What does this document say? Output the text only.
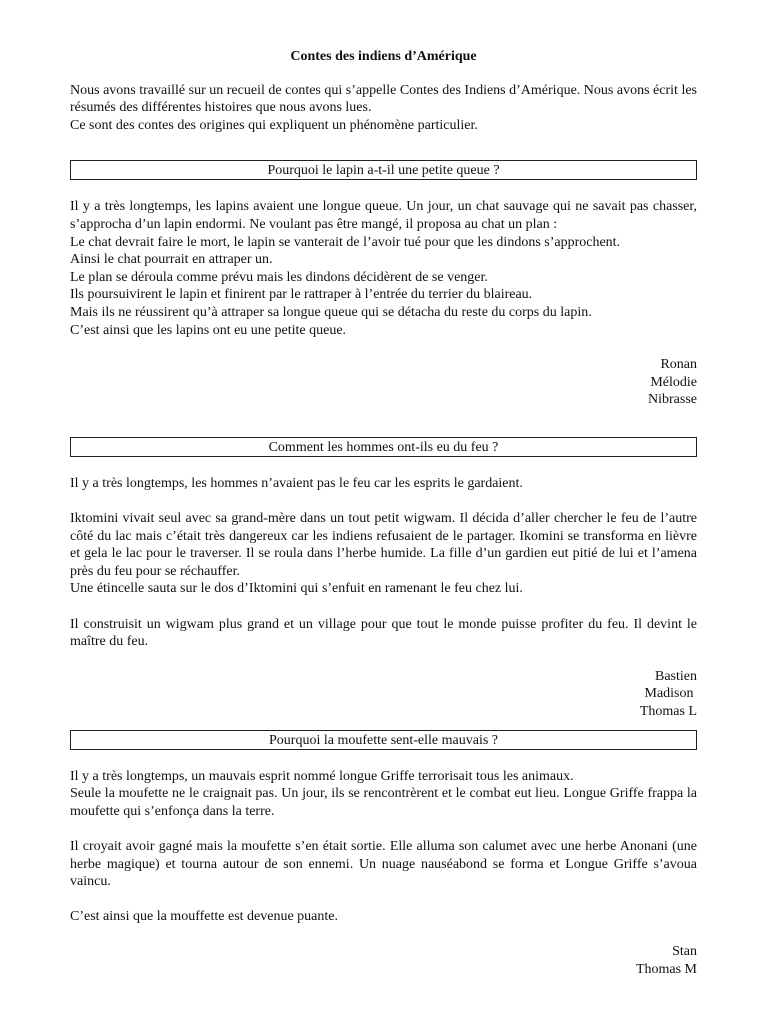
Contes des indiens d’Amérique

Nous avons travaillé sur un recueil de contes qui s’appelle Contes des Indiens d’Amérique. Nous avons écrit les résumés des différentes histoires que nous avons lues.

Ce sont des contes des origines qui expliquent un phénomène particulier.

Pourquoi le lapin a-t-il une petite queue ?

Il y a très longtemps, les lapins avaient une longue queue. Un jour, un chat sauvage qui ne savait pas chasser, s’approcha d’un lapin endormi. Ne voulant pas être mangé, il proposa au chat un plan :

Le chat devrait faire le mort, le lapin se vanterait de l’avoir tué pour que les dindons s’approchent.

Ainsi le chat pourrait en attraper un.

Le plan se déroula comme prévu mais les dindons décidèrent de se venger.

Ils poursuivirent le lapin et finirent par le rattraper à l’entrée du terrier du blaireau.

Mais ils ne réussirent qu’à attraper sa longue queue qui se détacha du reste du corps du lapin.

C’est ainsi que les lapins ont eu une petite queue.

Ronan
Mélodie
Nibrasse
Comment les hommes ont-ils eu du feu ?

Il y a très longtemps, les hommes n’avaient pas le feu car les esprits le gardaient.

Iktomini vivait seul avec sa grand-mère dans un tout petit wigwam. Il décida d’aller chercher le feu de l’autre côté du lac mais c’était très dangereux car les indiens refusaient de le partager. Ikomini se transforma en lièvre et gela le lac pour le traverser. Il se roula dans l’herbe humide. La fille d’un gardien eut pitié de lui et l’amena près du feu pour se réchauffer.

Une étincelle sauta sur le dos d’Iktomini qui s’enfuit en ramenant le feu chez lui.

Il construisit un wigwam plus grand et un village pour que tout le monde puisse profiter du feu. Il devint le maître du feu.

Bastien
Madison
Thomas L
Pourquoi la moufette sent-elle mauvais ?

Il y a très longtemps, un mauvais esprit nommé longue Griffe terrorisait tous les animaux.

Seule la moufette ne le craignait pas. Un jour, ils se rencontrèrent et le combat eut lieu. Longue Griffe frappa la moufette qui s’enfonça dans la terre.

Il croyait avoir gagné mais la moufette s’en était sortie. Elle alluma son calumet avec une herbe Anonani (une herbe magique) et tourna autour de son ennemi. Un nuage nauséabond se forma et Longue Griffe s’avoua vaincu.

C’est ainsi que la mouffette est devenue puante.

Stan
Thomas M
